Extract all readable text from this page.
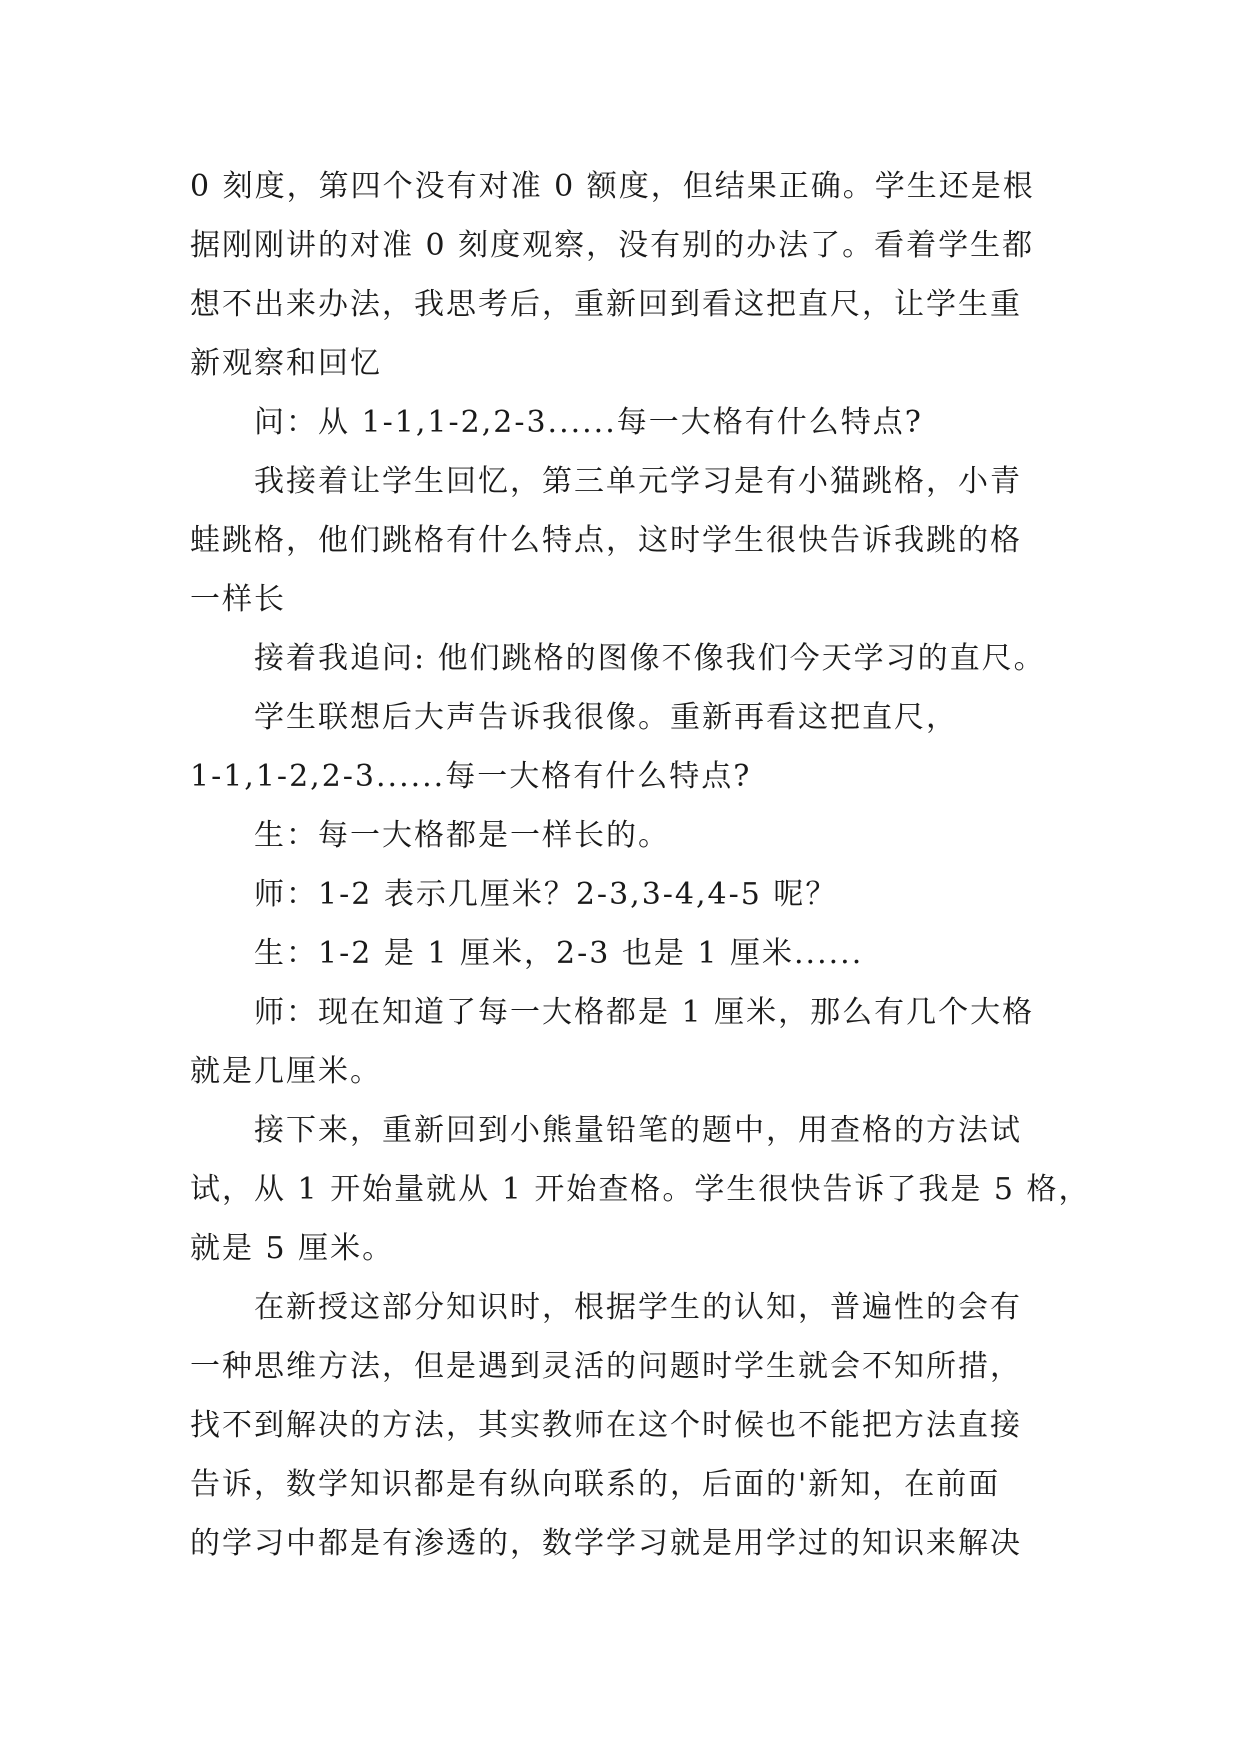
0 刻度，第四个没有对准 0 额度，但结果正确。学生还是根
据刚刚讲的对准 0 刻度观察，没有别的办法了。看着学生都
想不出来办法，我思考后，重新回到看这把直尺，让学生重
新观察和回忆

问：从 1-1,1-2,2-3......每一大格有什么特点?

我接着让学生回忆，第三单元学习是有小猫跳格，小青
蛙跳格，他们跳格有什么特点，这时学生很快告诉我跳的格
一样长

接着我追问: 他们跳格的图像不像我们今天学习的直尺。

学生联想后大声告诉我很像。重新再看这把直尺，
1-1,1-2,2-3......每一大格有什么特点?

生：每一大格都是一样长的。

师：1-2 表示几厘米？2-3,3-4,4-5 呢？

生：1-2 是 1 厘米，2-3 也是 1 厘米......

师：现在知道了每一大格都是 1 厘米，那么有几个大格
就是几厘米。

接下来，重新回到小熊量铅笔的题中，用查格的方法试
试，从 1 开始量就从 1 开始查格。学生很快告诉了我是 5 格，
就是 5 厘米。

在新授这部分知识时，根据学生的认知，普遍性的会有
一种思维方法，但是遇到灵活的问题时学生就会不知所措，
找不到解决的方法，其实教师在这个时候也不能把方法直接
告诉，数学知识都是有纵向联系的，后面的'新知，在前面
的学习中都是有渗透的，数学学习就是用学过的知识来解决
